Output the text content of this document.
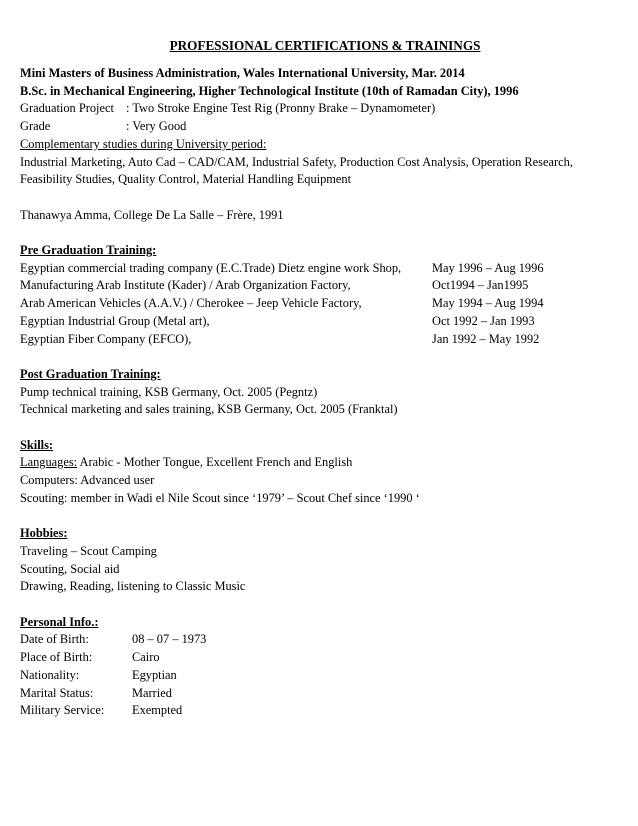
PROFESSIONAL CERTIFICATIONS & TRAININGS
Mini Masters of Business Administration, Wales International University, Mar. 2014
B.Sc. in Mechanical Engineering, Higher Technological Institute (10th of Ramadan City), 1996
Graduation Project : Two Stroke Engine Test Rig (Pronny Brake – Dynamometer)
Grade	: Very Good
Complementary studies during University period:
Industrial Marketing, Auto Cad – CAD/CAM, Industrial Safety, Production Cost Analysis, Operation Research,
Feasibility Studies, Quality Control, Material Handling Equipment
Thanawya Amma, College De La Salle – Frère, 1991
Pre Graduation Training:
Egyptian commercial trading company (E.C.Trade) Dietz engine work Shop,	May 1996 – Aug 1996
Manufacturing Arab Institute (Kader) / Arab Organization Factory,	Oct1994 – Jan1995
Arab American Vehicles (A.A.V.) / Cherokee – Jeep Vehicle Factory,	May 1994 – Aug 1994
Egyptian Industrial Group (Metal art),	Oct 1992 – Jan 1993
Egyptian Fiber Company (EFCO),	Jan 1992 – May 1992
Post Graduation Training:
Pump technical training, KSB Germany, Oct. 2005 (Pegntz)
Technical marketing and sales training, KSB Germany, Oct. 2005 (Franktal)
Skills:
Languages: Arabic - Mother Tongue, Excellent French and English
Computers: Advanced user
Scouting: member in Wadi el Nile Scout since ‘1979’ – Scout Chef since ‘1990 ‘
Hobbies:
Traveling – Scout Camping
Scouting, Social aid
Drawing, Reading, listening to Classic Music
Personal Info.:
Date of Birth:	08 – 07 – 1973
Place of Birth:	Cairo
Nationality:	Egyptian
Marital Status:	Married
Military Service:	Exempted
